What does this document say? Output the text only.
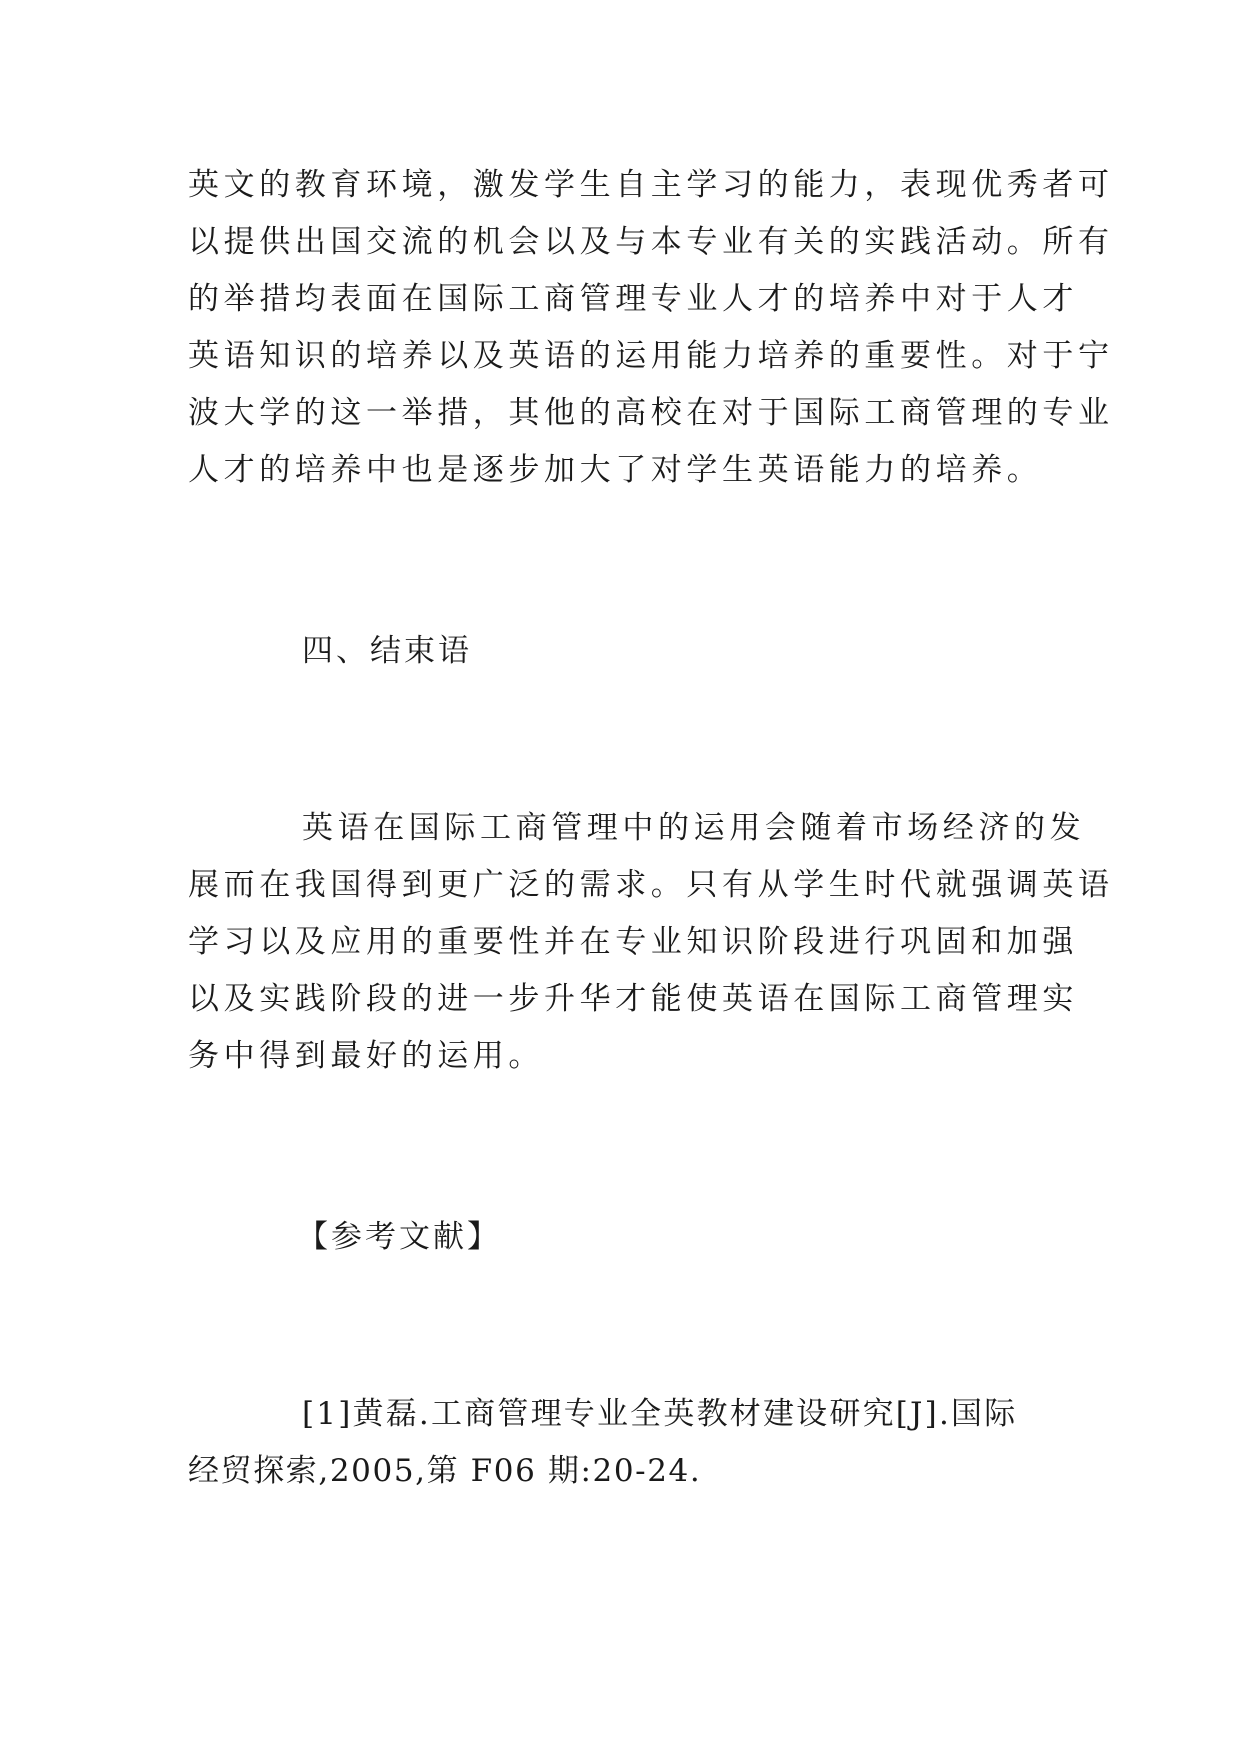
英文的教育环境，激发学生自主学习的能力，表现优秀者可
以提供出国交流的机会以及与本专业有关的实践活动。所有
的举措均表面在国际工商管理专业人才的培养中对于人才
英语知识的培养以及英语的运用能力培养的重要性。对于宁
波大学的这一举措，其他的高校在对于国际工商管理的专业
人才的培养中也是逐步加大了对学生英语能力的培养。
四、结束语
英语在国际工商管理中的运用会随着市场经济的发
展而在我国得到更广泛的需求。只有从学生时代就强调英语
学习以及应用的重要性并在专业知识阶段进行巩固和加强
以及实践阶段的进一步升华才能使英语在国际工商管理实
务中得到最好的运用。
【参考文献】
[1]黄磊.工商管理专业全英教材建设研究[J].国际
经贸探索,2005,第 F06 期:20-24.
